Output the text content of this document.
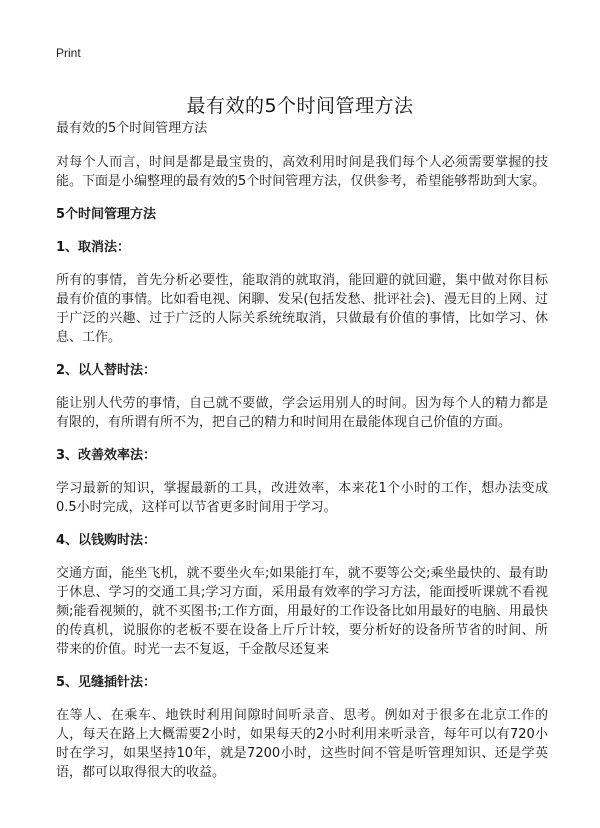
Print
最有效的5个时间管理方法
最有效的5个时间管理方法

对每个人而言，时间是都是最宝贵的，高效利用时间是我们每个人必须需要掌握的技能。下面是小编整理的最有效的5个时间管理方法，仅供参考，希望能够帮助到大家。

5个时间管理方法
1、取消法：

所有的事情，首先分析必要性，能取消的就取消，能回避的就回避，集中做对你目标最有价值的事情。比如看电视、闲聊、发呆(包括发愁、批评社会)、漫无目的上网、过于广泛的兴趣、过于广泛的人际关系统统取消，只做最有价值的事情，比如学习、休息、工作。

2、以人替时法：

能让别人代劳的事情，自己就不要做，学会运用别人的时间。因为每个人的精力都是有限的，有所谓有所不为，把自己的精力和时间用在最能体现自己价值的方面。

3、改善效率法：

学习最新的知识，掌握最新的工具，改进效率，本来花1个小时的工作，想办法变成0.5小时完成，这样可以节省更多时间用于学习。

4、以钱购时法：

交通方面，能坐飞机，就不要坐火车;如果能打车，就不要等公交;乘坐最快的、最有助于休息、学习的交通工具;学习方面，采用最有效率的学习方法，能面授听课就不看视频;能看视频的，就不买图书;工作方面，用最好的工作设备比如用最好的电脑、用最快的传真机，说服你的老板不要在设备上斤斤计较，要分析好的设备所节省的时间、所带来的价值。时光一去不复返，千金散尽还复来

5、见缝插针法：

在等人、在乘车、地铁时利用间隙时间听录音、思考。例如对于很多在北京工作的人，每天在路上大概需要2小时，如果每天的2小时利用来听录音，每年可以有720小时在学习，如果坚持10年，就是7200小时，这些时间不管是听管理知识、还是学英语，都可以取得很大的收益。
